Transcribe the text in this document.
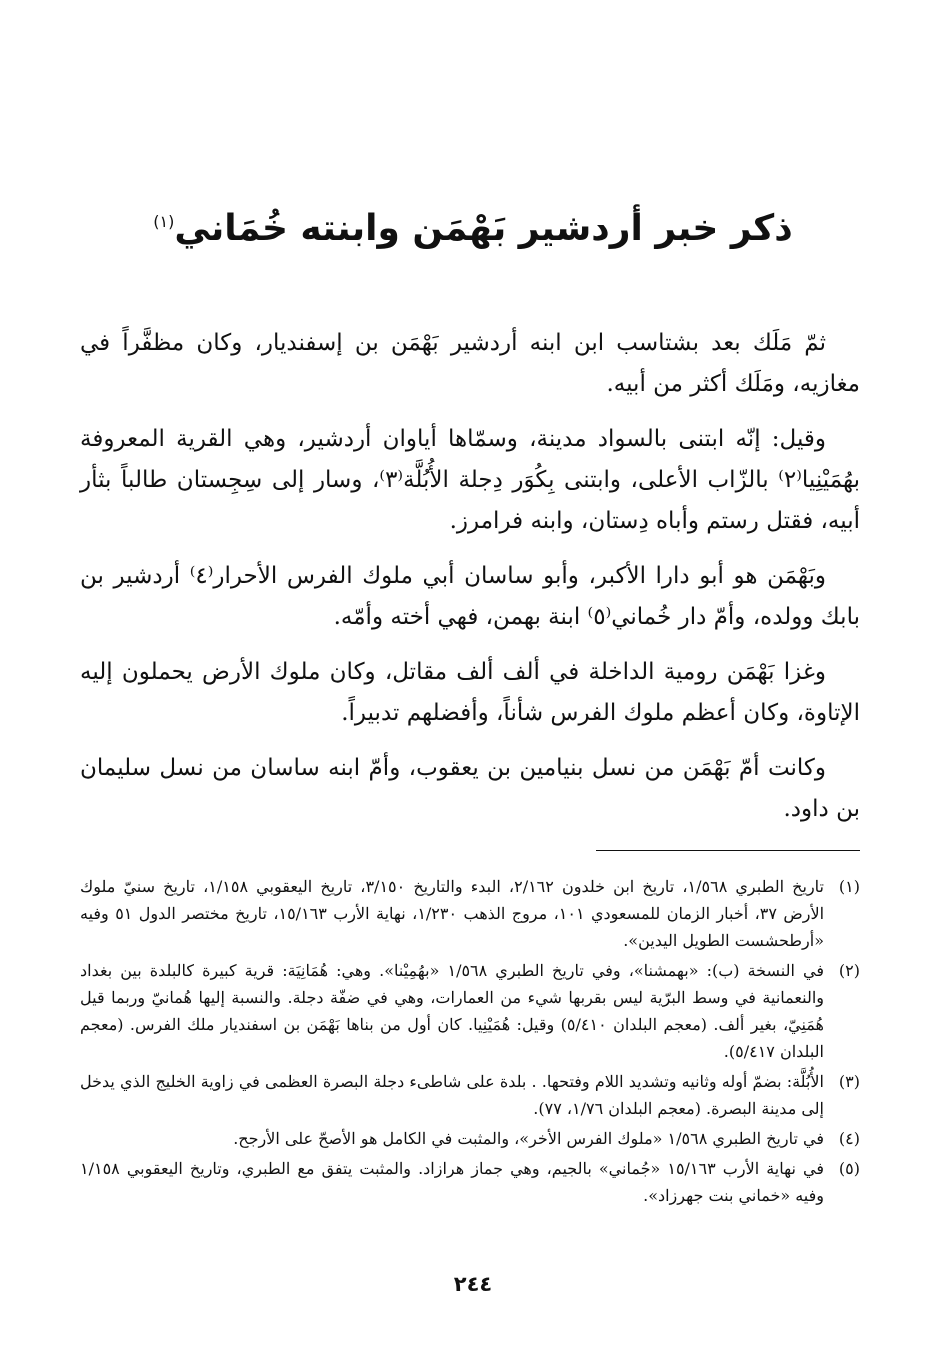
ذكر خبر أردشير بَهْمَن وابنته خُمَاني$^{(١)}$

ثمّ مَلَك بعد بشتاسب ابن ابنه أردشير بَهْمَن بن إسفنديار، وكان مظفَّراً في مغازيه، ومَلَك أكثر من أبيه.

وقيل: إنّه ابتنى بالسواد مدينة، وسمّاها أياوان أردشير، وهي القرية المعروفة بهُمَيْنِيا⁽٢⁾ بالزّاب الأعلى، وابتنى بِكُوَر دِجلة الأُبُلَّة⁽٣⁾، وسار إلى سِجِستان طالباً بثأر أبيه، فقتل رستم وأباه دِستان، وابنه فرامرز.

وبَهْمَن هو أبو دارا الأكبر، وأبو ساسان أبي ملوك الفرس الأحرار⁽٤⁾ أردشير بن بابك وولده، وأمّ دار خُماني⁽٥⁾ ابنة بهمن، فهي أخته وأمّه.

وغزا بَهْمَن رومية الداخلة في ألف ألف مقاتل، وكان ملوك الأرض يحملون إليه الإتاوة، وكان أعظم ملوك الفرس شأناً، وأفضلهم تدبيراً.

وكانت أمّ بَهْمَن من نسل بنيامين بن يعقوب، وأمّ ابنه ساسان من نسل سليمان بن داود.

(١)
تاريخ الطبري ١/٥٦٨، تاريخ ابن خلدون ٢/١٦٢، البدء والتاريخ ٣/١٥٠، تاريخ اليعقوبي ١/١٥٨، تاريخ سنيّ ملوك الأرض ٣٧، أخبار الزمان للمسعودي ١٠١، مروج الذهب ١/٢٣٠، نهاية الأرب ١٥/١٦٣، تاريخ مختصر الدول ٥١ وفيه «أرطحشست الطويل اليدين».
(٢)
في النسخة (ب): «بهمشنا»، وفي تاريخ الطبري ١/٥٦٨ «بهُمِيْنا». وهي: هُمَانِيَة: قرية كبيرة كالبلدة بين بغداد والنعمانية في وسط البرّية ليس بقربها شيء من العمارات، وهي في ضفّة دجلة. والنسبة إليها هُمانيّ وربما قيل هُمَنِيّ، بغير ألف. (معجم البلدان ٥/٤١٠) وقيل: هُمَيْنِيا. كان أول من بناها بَهْمَن بن اسفنديار ملك الفرس. (معجم البلدان ٥/٤١٧).
(٣)
الأُبُلَّة: بضمّ أوله وثانيه وتشديد اللام وفتحها. . بلدة على شاطىء دجلة البصرة العظمى في زاوية الخليج الذي يدخل إلى مدينة البصرة. (معجم البلدان ١/٧٦، ٧٧).
(٤)
في تاريخ الطبري ١/٥٦٨ «ملوك الفرس الأخر»، والمثبت في الكامل هو الأصحّ على الأرجح.
(٥)
في نهاية الأرب ١٥/١٦٣ «جُماني» بالجيم، وهي جماز هرازاد. والمثبت يتفق مع الطبري، وتاريخ اليعقوبي ١/١٥٨ وفيه «خماني بنت جهرزاد».
٢٤٤
